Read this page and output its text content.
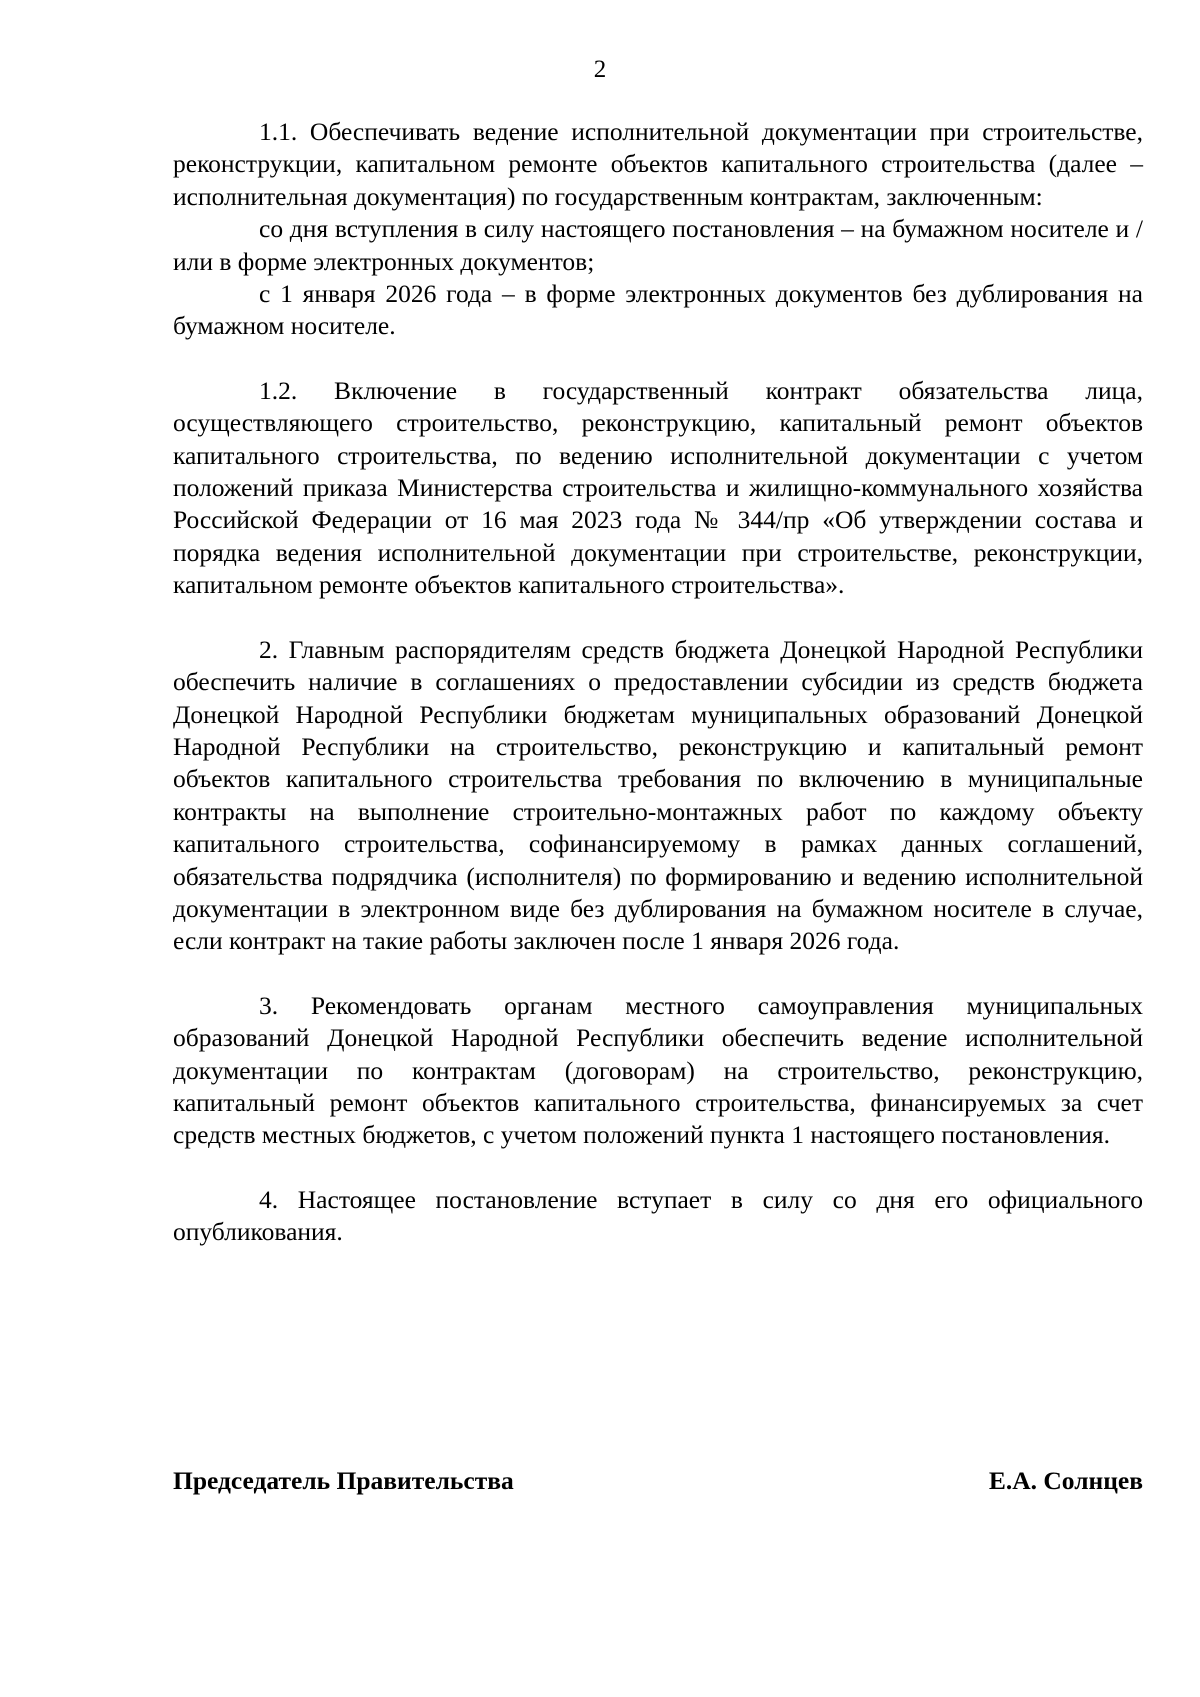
2

1.1. Обеспечивать ведение исполнительной документации при строительстве, реконструкции, капитальном ремонте объектов капитального строительства (далее – исполнительная документация) по государственным контрактам, заключенным:

со дня вступления в силу настоящего постановления – на бумажном носителе и / или в форме электронных документов;

с 1 января 2026 года – в форме электронных документов без дублирования на бумажном носителе.

1.2. Включение в государственный контракт обязательства лица, осуществляющего строительство, реконструкцию, капитальный ремонт объектов капитального строительства, по ведению исполнительной документации с учетом положений приказа Министерства строительства и жилищно-коммунального хозяйства Российской Федерации от 16 мая 2023 года № 344/пр «Об утверждении состава и порядка ведения исполнительной документации при строительстве, реконструкции, капитальном ремонте объектов капитального строительства».

2. Главным распорядителям средств бюджета Донецкой Народной Республики обеспечить наличие в соглашениях о предоставлении субсидии из средств бюджета Донецкой Народной Республики бюджетам муниципальных образований Донецкой Народной Республики на строительство, реконструкцию и капитальный ремонт объектов капитального строительства требования по включению в муниципальные контракты на выполнение строительно-монтажных работ по каждому объекту капитального строительства, софинансируемому в рамках данных соглашений, обязательства подрядчика (исполнителя) по формированию и ведению исполнительной документации в электронном виде без дублирования на бумажном носителе в случае, если контракт на такие работы заключен после 1 января 2026 года.

3. Рекомендовать органам местного самоуправления муниципальных образований Донецкой Народной Республики обеспечить ведение исполнительной документации по контрактам (договорам) на строительство, реконструкцию, капитальный ремонт объектов капитального строительства, финансируемых за счет средств местных бюджетов, с учетом положений пункта 1 настоящего постановления.

4. Настоящее постановление вступает в силу со дня его официального опубликования.

Председатель Правительства	Е.А. Солнцев
